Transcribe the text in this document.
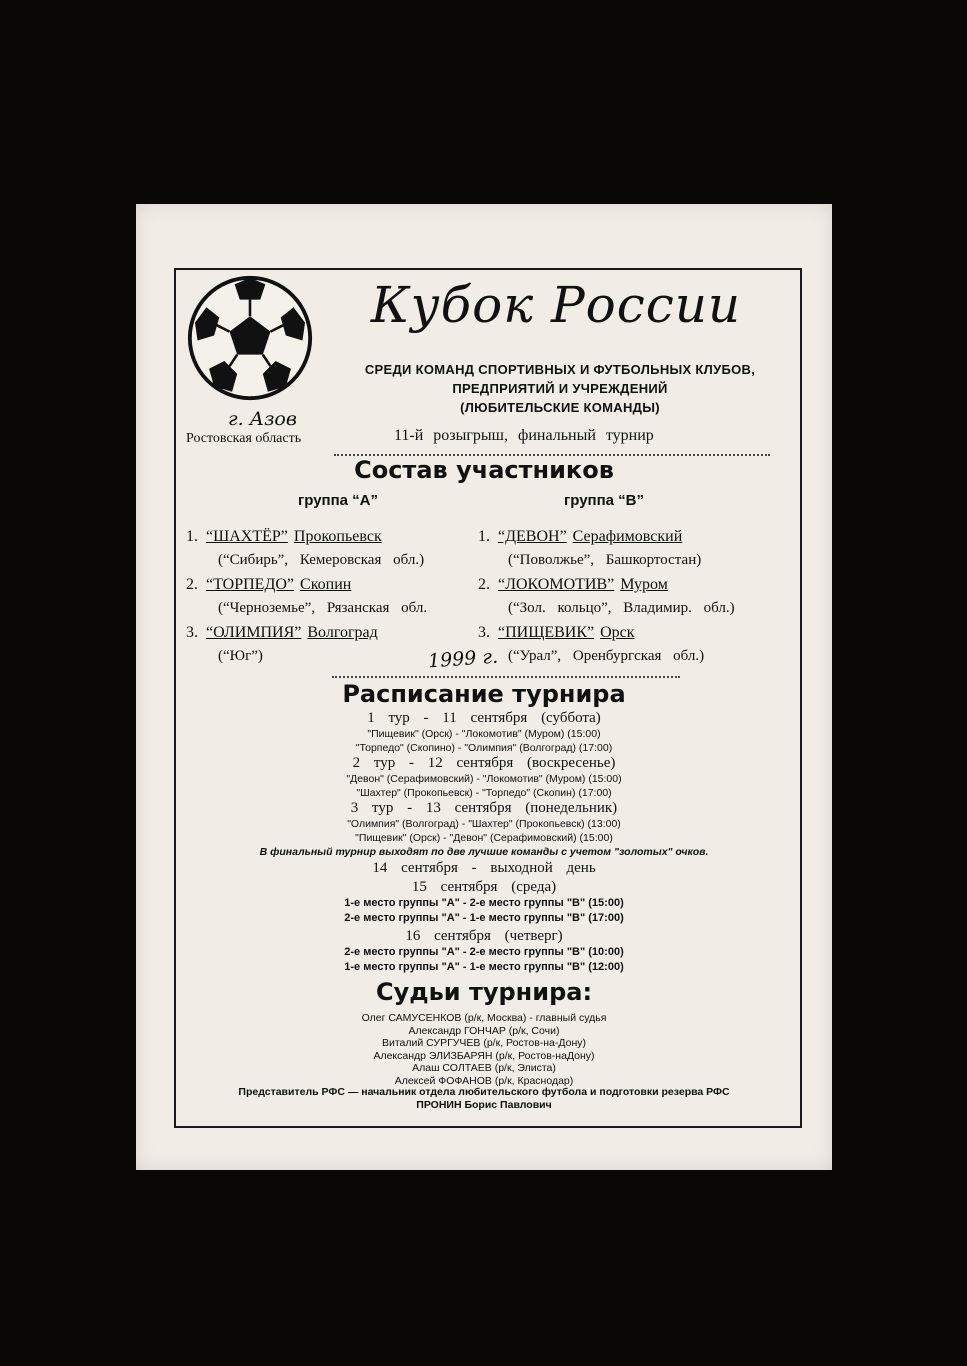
Кубок России
СРЕДИ КОМАНД СПОРТИВНЫХ И ФУТБОЛЬНЫХ КЛУБОВ,
ПРЕДПРИЯТИЙ И УЧРЕЖДЕНИЙ
(ЛЮБИТЕЛЬСКИЕ КОМАНДЫ)
г. Азов
Ростовская область	11-й розыгрыш, финальный турнир
Состав участников
группа “А”	группа “В”
1. “ШАХТЁР” Прокопьевск
(“Сибирь”, Кемеровская обл.)
2. “ТОРПЕДО” Скопин
(“Черноземье”, Рязанская обл.
3. “ОЛИМПИЯ” Волгоград
(“Юг”)
1. “ДЕВОН” Серафимовский
(“Поволжье”, Башкортостан)
2. “ЛОКОМОТИВ” Муром
(“Зол. кольцо”, Владимир. обл.)
3. “ПИЩЕВИК” Орск
(“Урал”, Оренбургская обл.)
1999 г.
Расписание турнира
1 тур - 11 сентября (суббота)
"Пищевик" (Орск) - "Локомотив" (Муром) (15:00)
"Торпедо" (Скопино) - "Олимпия" (Волгоград) (17:00)
2 тур - 12 сентября (воскресенье)
"Девон" (Серафимовский) - "Локомотив" (Муром) (15:00)
"Шахтер" (Прокопьевск) - "Торпедо" (Скопин) (17:00)
3 тур - 13 сентября (понедельник)
"Олимпия" (Волгоград) - "Шахтер" (Прокопьевск) (13:00)
"Пищевик" (Орск) - "Девон" (Серафимовский) (15:00)
В финальный турнир выходят по две лучшие команды с учетом "золотых" очков.
14 сентября - выходной день
15 сентября (среда)
1-е место группы "А" - 2-е место группы "В" (15:00)
2-е место группы "А" - 1-е место группы "В" (17:00)
16 сентября (четверг)
2-е место группы "А" - 2-е место группы "В" (10:00)
1-е место группы "А" - 1-е место группы "В" (12:00)
Судьи турнира:
Олег САМУСЕНКОВ (р/к, Москва) - главный судья
Александр ГОНЧАР (р/к, Сочи)
Виталий СУРГУЧЕВ (р/к, Ростов-на-Дону)
Александр ЭЛИЗБАРЯН (р/к, Ростов-наДону)
Алаш СОЛТАЕВ (р/к, Элиста)
Алексей ФОФАНОВ (р/к, Краснодар)
Представитель РФС — начальник отдела любительского футбола и подготовки резерва РФС
ПРОНИН Борис Павлович
